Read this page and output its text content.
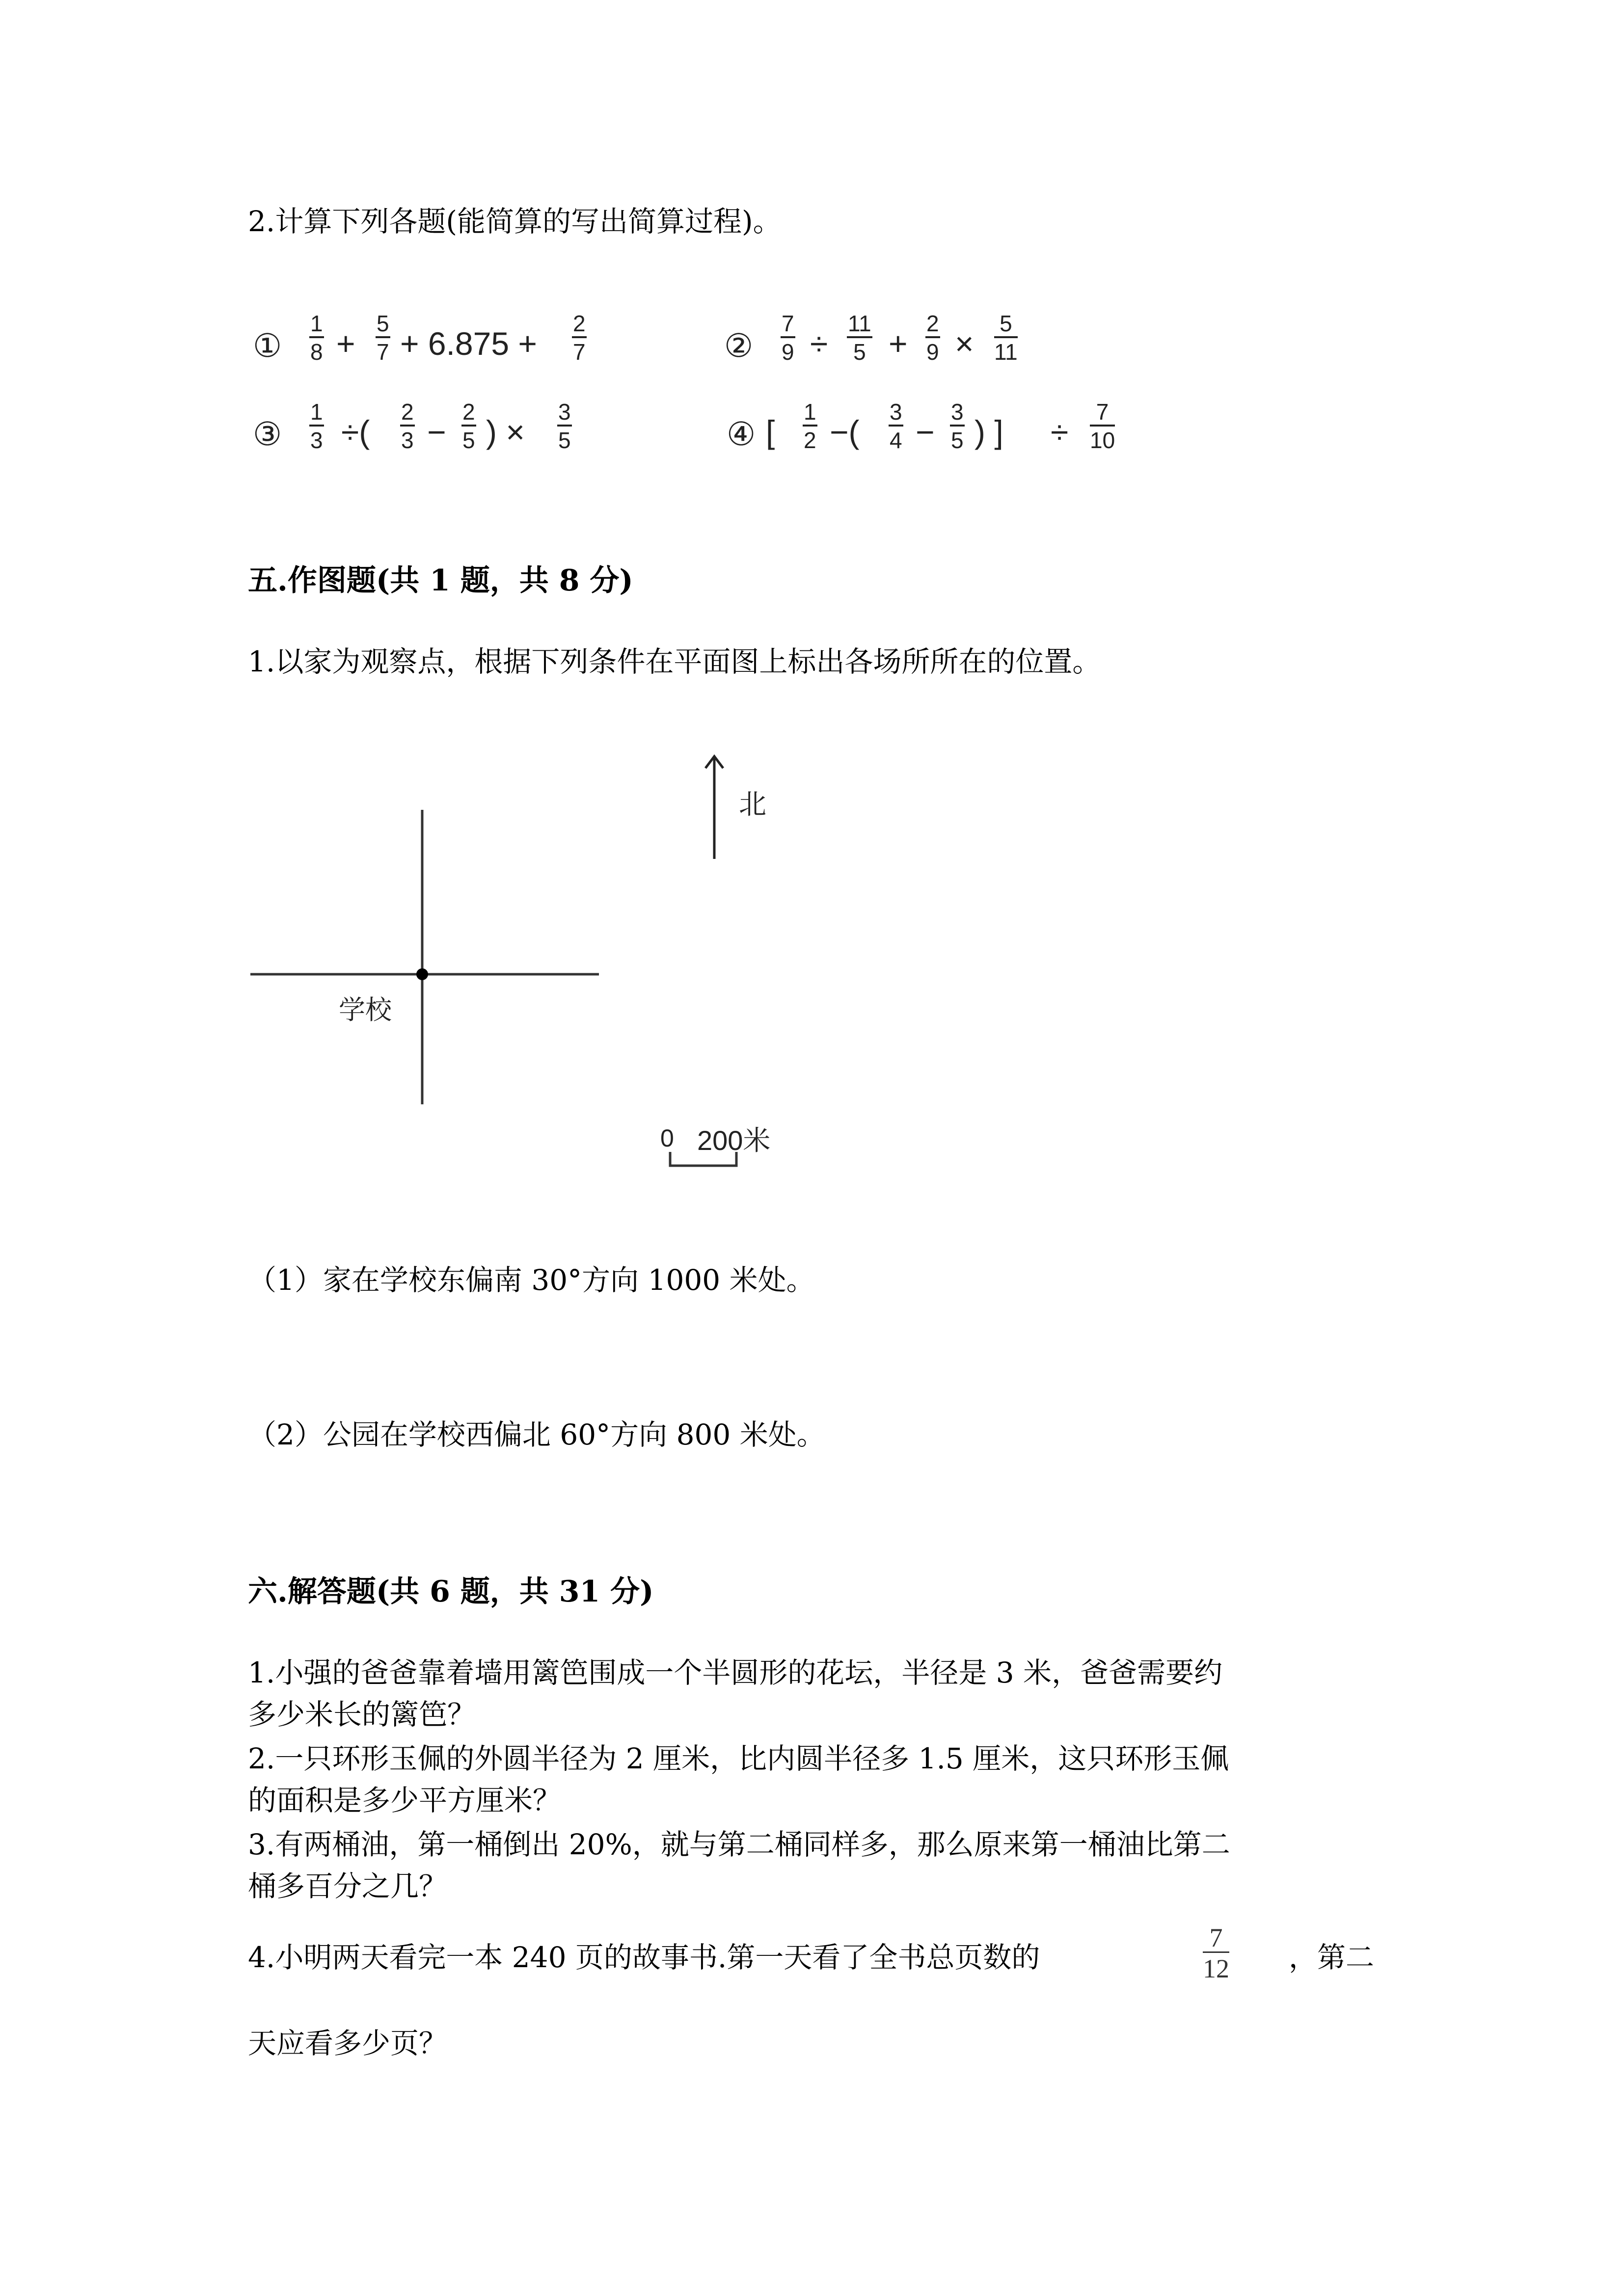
2.计算下列各题(能简算的写出简算过程)。
①
1
8 +
5
7 + 6.875 +
2
7	②
7
9 ÷
11
5 +
2
9 ×
5
11
③
1
3 ÷(
2
3 −
2
5 ) ×
3
5	④ [
1
2 −(
3
4 −
3
5 ) ] ÷
7
10
五.作图题(共 1 题，共 8 分)
1.以家为观察点，根据下列条件在平面图上标出各场所所在的位置。
北
学校
0 200米
（1）家在学校东偏南 30°方向 1000 米处。
（2）公园在学校西偏北 60°方向 800 米处。
六.解答题(共 6 题，共 31 分)
1.小强的爸爸靠着墙用篱笆围成一个半圆形的花坛，半径是 3 米，爸爸需要约
多少米长的篱笆？
2.一只环形玉佩的外圆半径为 2 厘米，比内圆半径多 1.5 厘米，这只环形玉佩
的面积是多少平方厘米？
3.有两桶油，第一桶倒出 20%，就与第二桶同样多，那么原来第一桶油比第二
桶多百分之几？
4.小明两天看完一本 240 页的故事书.第一天看了全书总页数的
7
12 ，第二
天应看多少页？
